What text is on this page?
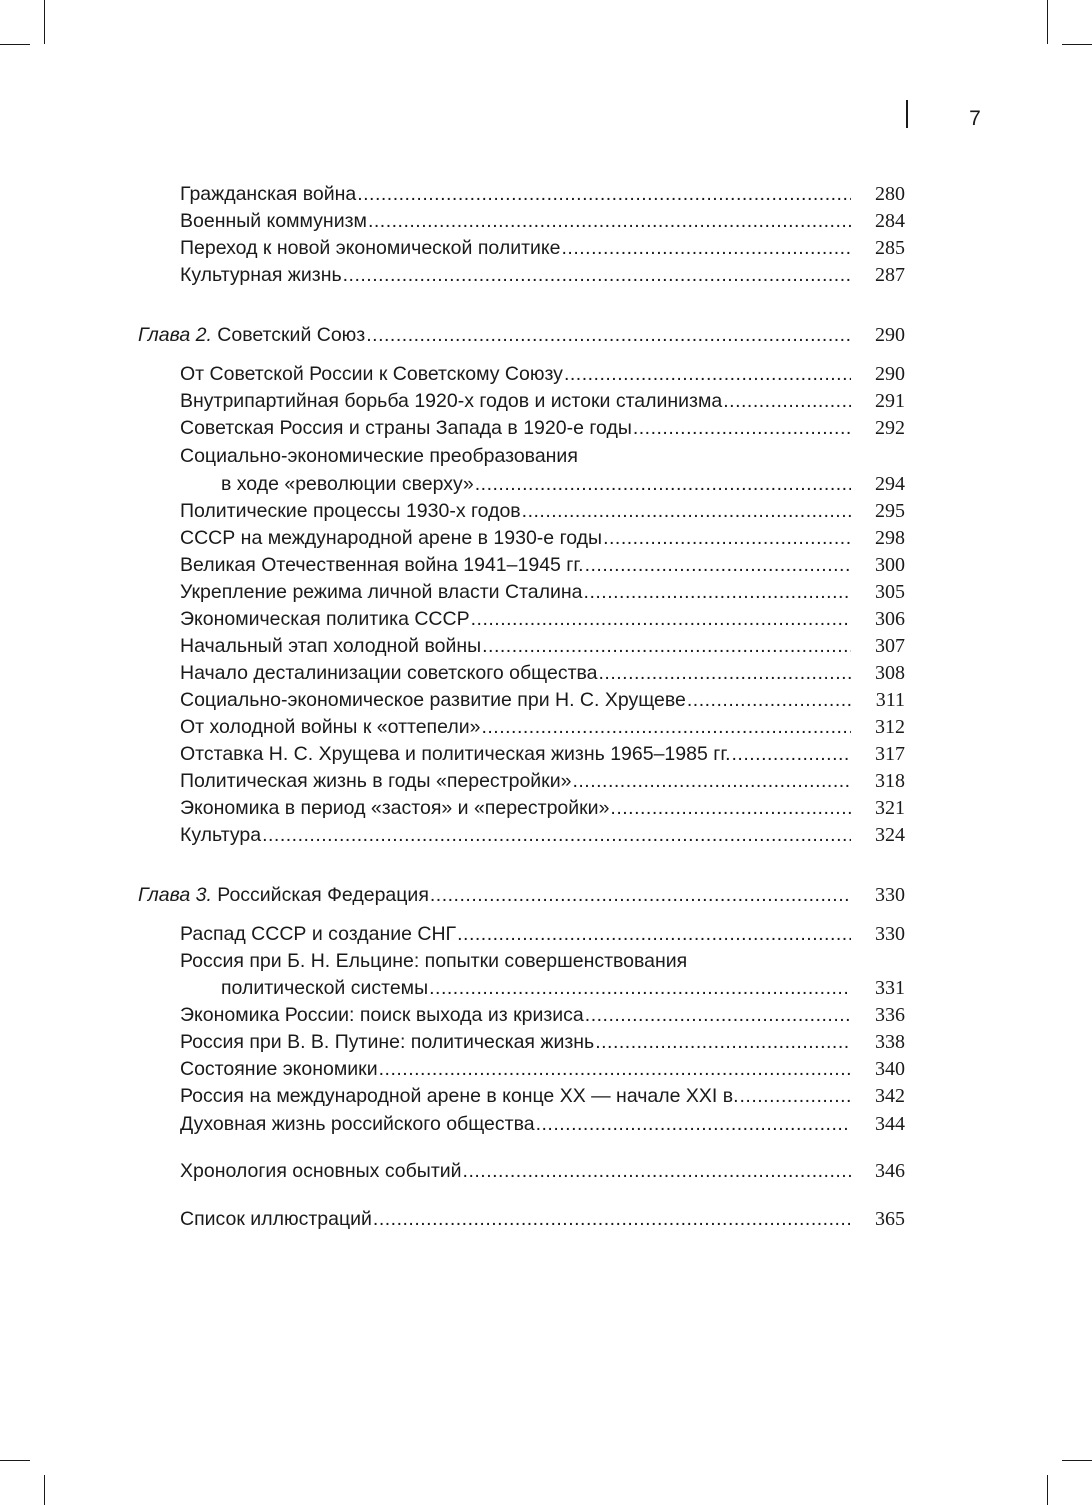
7
Гражданская война .....	280
Военный коммунизм .....	284
Переход к новой экономической политике .....	285
Культурная жизнь .....	287
Глава 2. Советский Союз .....	290
От Советской России к Советскому Союзу .....	290
Внутрипартийная борьба 1920-х годов и истоки сталинизма .....	291
Советская Россия и страны Запада в 1920-е годы .....	292
Социально-экономические преобразования
в ходе «революции сверху» .....	294
Политические процессы 1930-х годов .....	295
СССР на международной арене в 1930-е годы .....	298
Великая Отечественная война 1941–1945 гг. .....	300
Укрепление режима личной власти Сталина .....	305
Экономическая политика СССР .....	306
Начальный этап холодной войны .....	307
Начало десталинизации советского общества .....	308
Социально-экономическое развитие при Н. С. Хрущеве .....	311
От холодной войны к «оттепели» .....	312
Отставка Н. С. Хрущева и политическая жизнь 1965–1985 гг. .....	317
Политическая жизнь в годы «перестройки» .....	318
Экономика в период «застоя» и «перестройки» .....	321
Культура .....	324
Глава 3. Российская Федерация .....	330
Распад СССР и создание СНГ .....	330
Россия при Б. Н. Ельцине: попытки совершенствования
политической системы .....	331
Экономика России: поиск выхода из кризиса .....	336
Россия при В. В. Путине: политическая жизнь .....	338
Состояние экономики .....	340
Россия на международной арене в конце XX — начале XXI в. .....	342
Духовная жизнь российского общества .....	344
Хронология основных событий .....	346
Список иллюстраций .....	365
